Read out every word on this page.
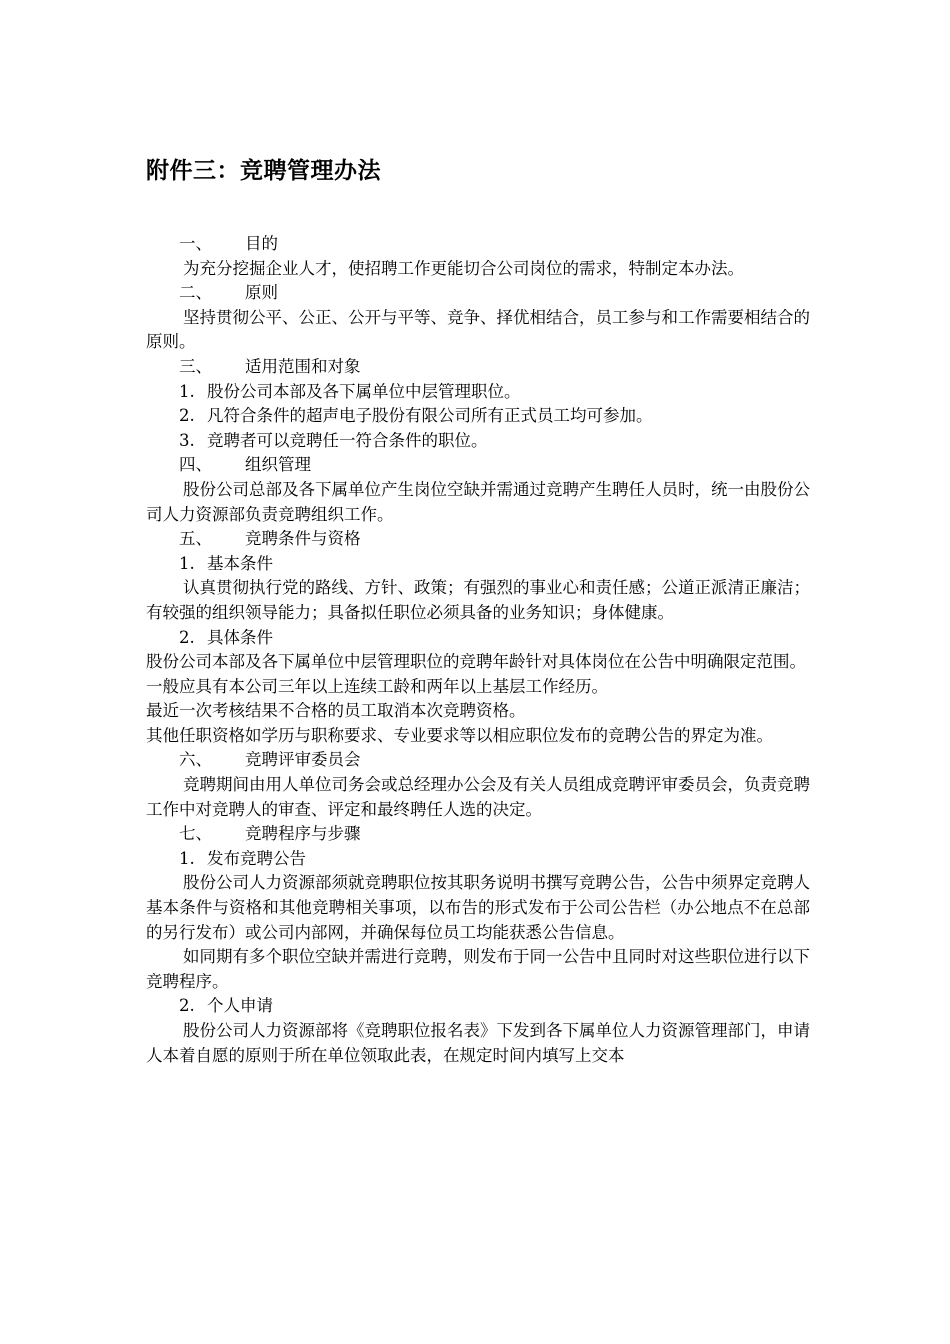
附件三：竞聘管理办法
一、 目的
为充分挖掘企业人才，使招聘工作更能切合公司岗位的需求，特制定本办法。
二、 原则
坚持贯彻公平、公正、公开与平等、竞争、择优相结合，员工参与和工作需要相结合的原则。
三、 适用范围和对象
1. 股份公司本部及各下属单位中层管理职位。
2. 凡符合条件的超声电子股份有限公司所有正式员工均可参加。
3. 竞聘者可以竞聘任一符合条件的职位。
四、 组织管理
股份公司总部及各下属单位产生岗位空缺并需通过竞聘产生聘任人员时，统一由股份公司人力资源部负责竞聘组织工作。
五、 竞聘条件与资格
1. 基本条件
认真贯彻执行党的路线、方针、政策；有强烈的事业心和责任感；公道正派清正廉洁；有较强的组织领导能力；具备拟任职位必须具备的业务知识；身体健康。
2. 具体条件
股份公司本部及各下属单位中层管理职位的竞聘年龄针对具体岗位在公告中明确限定范围。
一般应具有本公司三年以上连续工龄和两年以上基层工作经历。
最近一次考核结果不合格的员工取消本次竞聘资格。
其他任职资格如学历与职称要求、专业要求等以相应职位发布的竞聘公告的界定为准。
六、 竞聘评审委员会
竞聘期间由用人单位司务会或总经理办公会及有关人员组成竞聘评审委员会，负责竞聘工作中对竞聘人的审查、评定和最终聘任人选的决定。
七、 竞聘程序与步骤
1. 发布竞聘公告
股份公司人力资源部须就竞聘职位按其职务说明书撰写竞聘公告，公告中须界定竞聘人基本条件与资格和其他竞聘相关事项，以布告的形式发布于公司公告栏（办公地点不在总部的另行发布）或公司内部网，并确保每位员工均能获悉公告信息。
如同期有多个职位空缺并需进行竞聘，则发布于同一公告中且同时对这些职位进行以下竞聘程序。
2. 个人申请
股份公司人力资源部将《竞聘职位报名表》下发到各下属单位人力资源管理部门，申请人本着自愿的原则于所在单位领取此表，在规定时间内填写上交本
